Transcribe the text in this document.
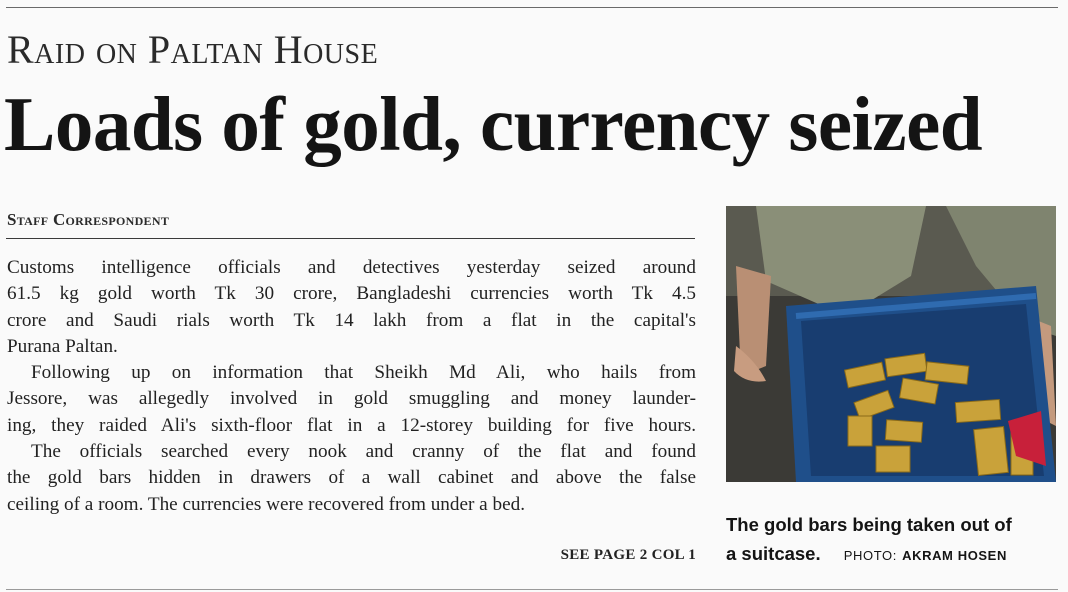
Raid on Paltan House
Loads of gold, currency seized
Staff Correspondent
Customs intelligence officials and detectives yesterday seized around
61.5 kg gold worth Tk 30 crore, Bangladeshi currencies worth Tk 4.5
crore and Saudi rials worth Tk 14 lakh from a flat in the capital's
Purana Paltan.
Following up on information that Sheikh Md Ali, who hails from
Jessore, was allegedly involved in gold smuggling and money launder-
ing, they raided Ali's sixth-floor flat in a 12-storey building for five hours.
The officials searched every nook and cranny of the flat and found
the gold bars hidden in drawers of a wall cabinet and above the false
ceiling of a room. The currencies were recovered from under a bed.
SEE PAGE 2 COL 1
The gold bars being taken out of
a suitcase. PHOTO: AKRAM HOSEN
